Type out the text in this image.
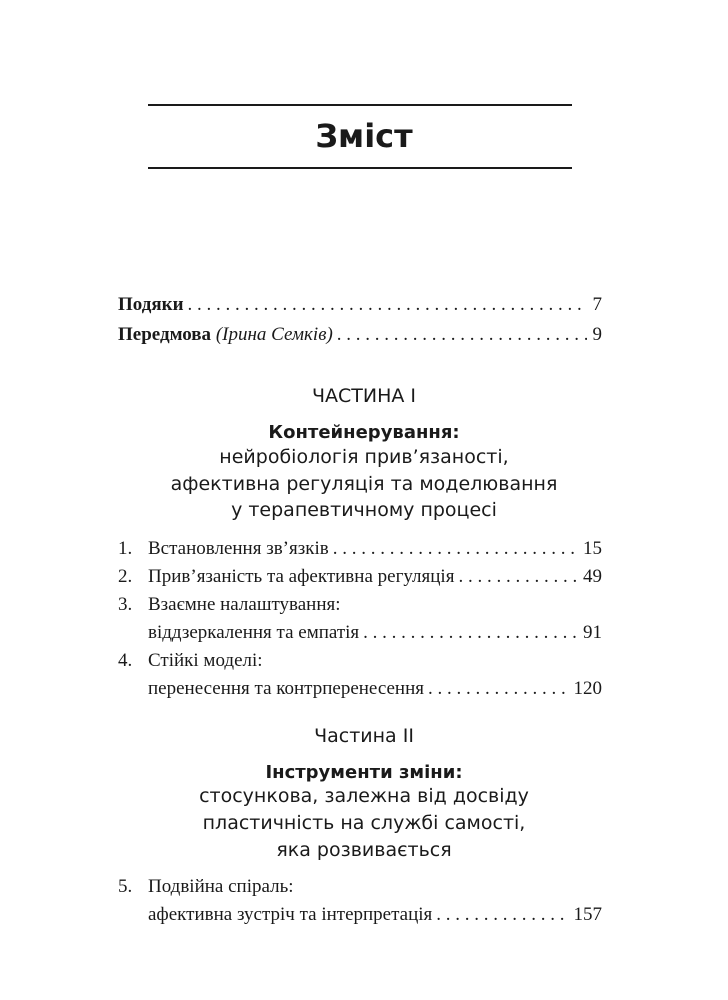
Зміст
Подяки . . .	7
Передмова (Ірина Семків) . . .	9
ЧАСТИНА І
Контейнерування:
нейробіологія прив’язаності,
афективна регуляція та моделювання
у терапевтичному процесі
1. Встановлення зв’язків . . .	15
2. Прив’язаність та афективна регуляція . . .	49
3. Взаємне налаштування:
віддзеркалення та емпатія . . .	91
4. Стійкі моделі:
перенесення та контрперенесення . . .	120
Частина ІІ
Інструменти зміни:
стосункова, залежна від досвіду
пластичність на службі самості,
яка розвивається
5. Подвійна спіраль:
афективна зустріч та інтерпретація . . .	157
